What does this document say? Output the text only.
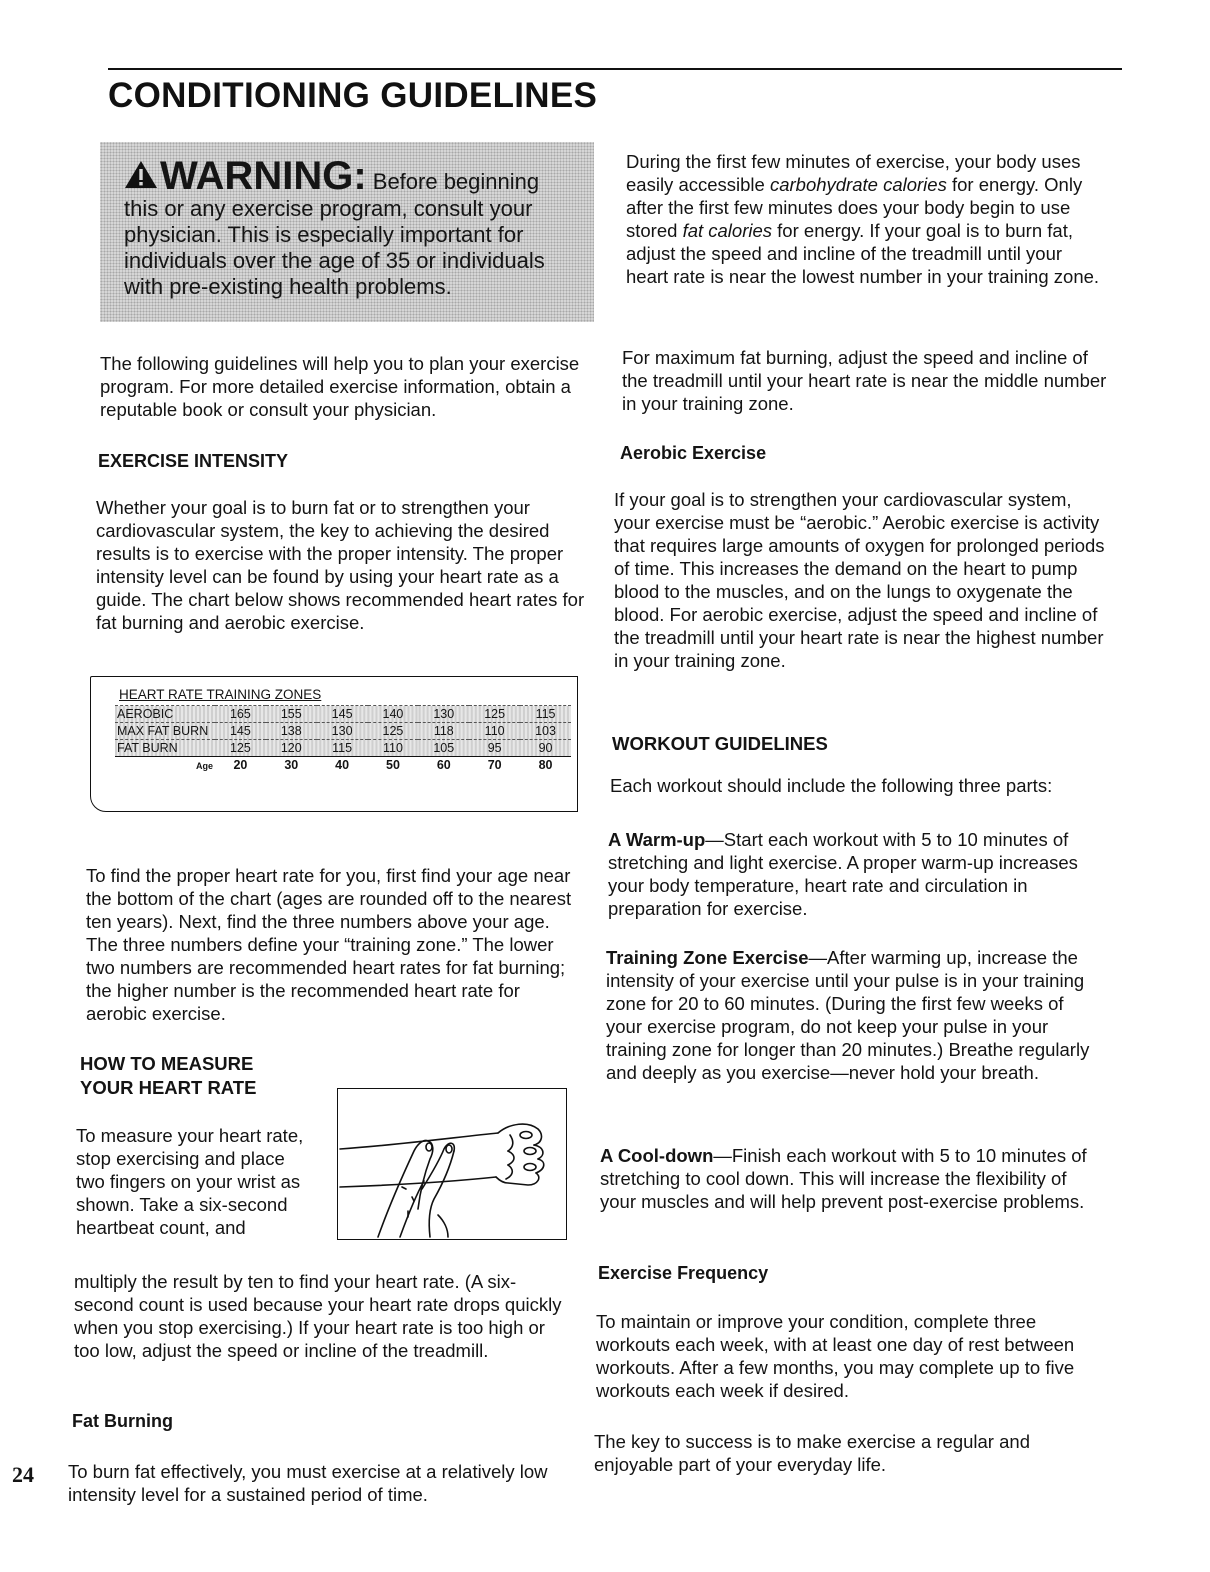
CONDITIONING GUIDELINES

WARNING: Before beginning this or any exercise program, consult your physician. This is especially important for individuals over the age of 35 or individuals with pre-existing health problems.

The following guidelines will help you to plan your exercise program. For more detailed exercise information, obtain a reputable book or consult your physician.

EXERCISE INTENSITY

Whether your goal is to burn fat or to strengthen your cardiovascular system, the key to achieving the desired results is to exercise with the proper intensity. The proper intensity level can be found by using your heart rate as a guide. The chart below shows recommended heart rates for fat burning and aerobic exercise.

HEART RATE TRAINING ZONES
AEROBIC	165	155	145	140	130	125	115
MAX FAT BURN	145	138	130	125	118	110	103
FAT BURN	125	120	115	110	105	95	90
Age	20	30	40	50	60	70	80

To find the proper heart rate for you, first find your age near the bottom of the chart (ages are rounded off to the nearest ten years). Next, find the three numbers above your age. The three numbers define your “training zone.” The lower two numbers are recommended heart rates for fat burning; the higher number is the recommended heart rate for aerobic exercise.

HOW TO MEASURE
YOUR HEART RATE

To measure your heart rate, stop exercising and place two fingers on your wrist as shown. Take a six-second heartbeat count, and

multiply the result by ten to find your heart rate. (A six-second count is used because your heart rate drops quickly when you stop exercising.) If your heart rate is too high or too low, adjust the speed or incline of the treadmill.

Fat Burning

To burn fat effectively, you must exercise at a relatively low intensity level for a sustained period of time.

24

During the first few minutes of exercise, your body uses easily accessible carbohydrate calories for energy. Only after the first few minutes does your body begin to use stored fat calories for energy. If your goal is to burn fat, adjust the speed and incline of the treadmill until your heart rate is near the lowest number in your training zone.

For maximum fat burning, adjust the speed and incline of the treadmill until your heart rate is near the middle number in your training zone.

Aerobic Exercise

If your goal is to strengthen your cardiovascular system, your exercise must be “aerobic.” Aerobic exercise is activity that requires large amounts of oxygen for prolonged periods of time. This increases the demand on the heart to pump blood to the muscles, and on the lungs to oxygenate the blood. For aerobic exercise, adjust the speed and incline of the treadmill until your heart rate is near the highest number in your training zone.

WORKOUT GUIDELINES

Each workout should include the following three parts:

A Warm-up—Start each workout with 5 to 10 minutes of stretching and light exercise. A proper warm-up increases your body temperature, heart rate and circulation in preparation for exercise.

Training Zone Exercise—After warming up, increase the intensity of your exercise until your pulse is in your training zone for 20 to 60 minutes. (During the first few weeks of your exercise program, do not keep your pulse in your training zone for longer than 20 minutes.) Breathe regularly and deeply as you exercise—never hold your breath.

A Cool-down—Finish each workout with 5 to 10 minutes of stretching to cool down. This will increase the flexibility of your muscles and will help prevent post-exercise problems.

Exercise Frequency

To maintain or improve your condition, complete three workouts each week, with at least one day of rest between workouts. After a few months, you may complete up to five workouts each week if desired.

The key to success is to make exercise a regular and enjoyable part of your everyday life.
